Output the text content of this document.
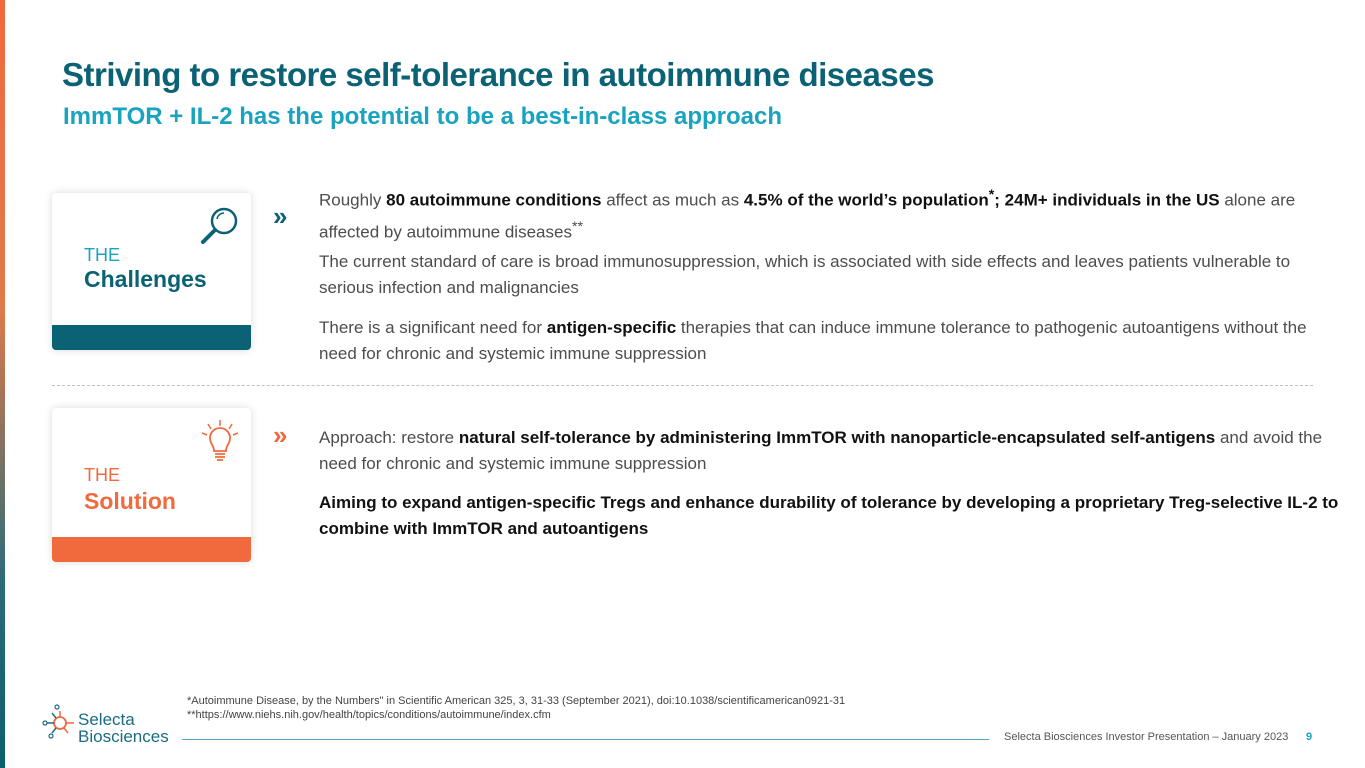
Striving to restore self-tolerance in autoimmune diseases
ImmTOR + IL-2 has the potential to be a best-in-class approach
THE
Challenges
»

Roughly 80 autoimmune conditions affect as much as 4.5% of the world’s population*; 24M+ individuals in the US alone are affected by autoimmune diseases**

The current standard of care is broad immunosuppression, which is associated with side effects and leaves patients vulnerable to serious infection and malignancies

There is a significant need for antigen-specific therapies that can induce immune tolerance to pathogenic autoantigens without the need for chronic and systemic immune suppression

THE
Solution
» Approach: restore natural self-tolerance by administering ImmTOR with nanoparticle-encapsulated self-antigens and avoid the need for chronic and systemic immune suppression

Aiming to expand antigen-specific Tregs and enhance durability of tolerance by developing a proprietary Treg-selective IL-2 to combine with ImmTOR and autoantigens

*Autoimmune Disease, by the Numbers" in Scientific American 325, 3, 31-33 (September 2021), doi:10.1038/scientificamerican0921-31

**https://www.niehs.nih.gov/health/topics/conditions/autoimmune/index.cfm

Selecta
Biosciences	Selecta Biosciences Investor Presentation – January 2023 9
